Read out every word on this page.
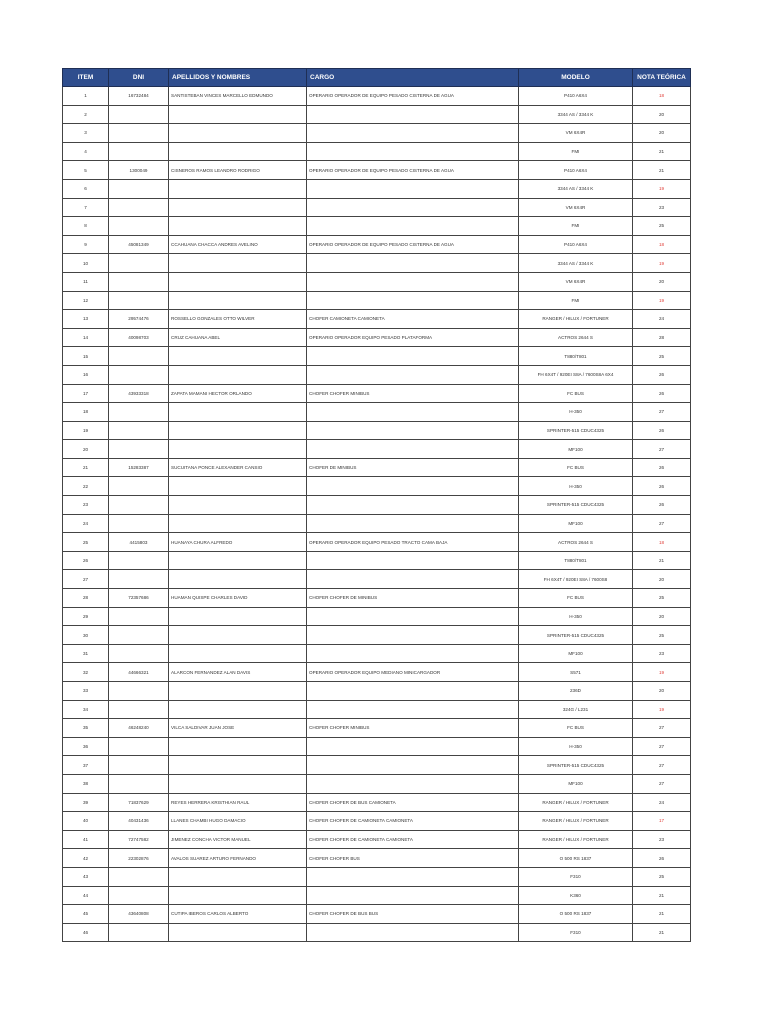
ITEM	DNI	APELLIDOS Y NOMBRES	CARGO	MODELO	NOTA TEÓRICA
1	16732484	SANTISTEBAN VINCES MARCELLO EDMUNDO	OPERARIO OPERADOR DE EQUIPO PESADO CISTERNA DE AGUA	P410 A6X4	18
2				3344 AS / 3344 K	20
3				VM 6X4R	20
4				FMI	21
5	1300049	CISNEROS RAMOS LEANDRO RODRIGO	OPERARIO OPERADOR DE EQUIPO PESADO CISTERNA DE AGUA	P410 A6X4	21
6				3344 AS / 3344 K	19
7				VM 6X4R	23
8				FMI	25
9	45081349	CCAHUANA CHACCA ANDRES AVELINO	OPERARIO OPERADOR DE EQUIPO PESADO CISTERNA DE AGUA	P410 A6X4	18
10				3344 AS / 3344 K	19
11				VM 6X4R	20
12				FMI	19
13	29574476	ROSSELLO GONZALES OTTO WILVER	CHOFER CAMIONETA CAMIONETA	RANGER / HILUX / FORTUNER	24
14	40098703	CRUZ CAHUANA ABEL	OPERARIO OPERADOR EQUIPO PESADO PLATAFORMA	ACTROS 2644 S	28
15				T880/T801	25
16				FH 6X4T / 920EI S8A / 7600S8A 6X4	26
17	43933318	ZAPATA MAMANI HECTOR ORLANDO	CHOFER CHOFER MINIBUS	FC BUS	26
18				H-350	27
19				SPRINTER-515 CDUC4325	26
20				MF100	27
21	15283387	SUCUITANA PONCE ALEXANDER CANSIO	CHOFER DE MINIBUS	FC BUS	26
22				H-350	26
23				SPRINTER-515 CDUC4325	26
24				MF100	27
25	4415803	HUANAYA CHURA ALFREDO	OPERARIO OPERADOR EQUIPO PESADO TRACTO CAMA BAJA	ACTROS 2644 S	18
26				T880/T801	21
27				FH 6X4T / 920EI S8A / 7600S8	20
28	72357686	HUAMAN QUISPE CHARLES DAVID	CHOFER CHOFER DE MINIBUS	FC BUS	25
29				H-350	20
30				SPRINTER-515 CDUC4325	25
31				MF100	23
32	44666321	ALARCON FERNANDEZ ALAN DAVIS	OPERARIO OPERADOR EQUIPO MEDIANO MINICARGADOR	S571	19
33				236D	20
34				324G / L231	19
35	46248240	VILCA SALDIVAR JUAN JOSE	CHOFER CHOFER MINIBUS	FC BUS	27
36				H-350	27
37				SPRINTER-515 CDUC4325	27
38				MF100	27
39	71837629	REYES HERRERA KRISTHIAN RAUL	CHOFER CHOFER DE BUS CAMIONETA	RANGER / HILUX / FORTUNER	24
40	40431436	LLANES CHAMBI HUGO DAMACIO	CHOFER CHOFER DE CAMIONETA CAMIONETA	RANGER / HILUX / FORTUNER	17
41	72747582	JIMENEZ CONCHA VICTOR MANUEL	CHOFER CHOFER DE CAMIONETA CAMIONETA	RANGER / HILUX / FORTUNER	23
42	22302876	AVALOS SUAREZ ARTURO FERNANDO	CHOFER CHOFER BUS	O 500 RS 1837	26
43				F310	25
44				K360	21
45	43640808	CUTIPA IBEROS CARLOS ALBERTO	CHOFER CHOFER DE BUS BUS	O 500 RS 1837	21
46				F310	21
